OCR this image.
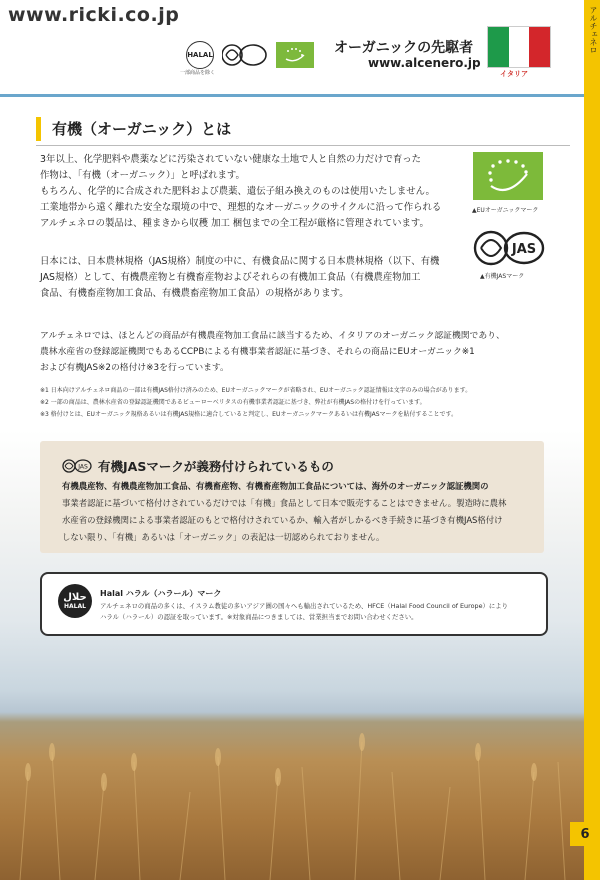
www.ricki.co.jp
HALAL
一部商品を除く
オーガニックの先駆者
www.alcenero.jp
イタリア
アルチェネロ
有機（オーガニック）とは

3年以上、化学肥料や農薬などに汚染されていない健康な土地で人と自然の力だけで育った

作物は、「有機（オーガニック）」と呼ばれます。

もちろん、化学的に合成された肥料および農薬、遺伝子組み換えのものは使用いたしません。

工業地帯から遠く離れた安全な環境の中で、理想的なオーガニックのサイクルに沿って作られる

アルチェネロの製品は、種まきから収穫 加工 梱包までの全工程が厳格に管理されています。

日本には、日本農林規格（JAS規格）制度の中に、有機食品に関する日本農林規格（以下、有機

JAS規格）として、有機農産物と有機畜産物およびそれらの有機加工食品（有機農産物加工

食品、有機畜産物加工食品、有機農畜産物加工食品）の規格があります。

アルチェネロでは、ほとんどの商品が有機農産物加工食品に該当するため、イタリアのオーガニック認証機関であり、

農林水産省の登録認証機関でもあるCCPBによる有機事業者認証に基づき、それらの商品にEUオーガニック※1

および有機JAS※2の格付け※3を行っています。

▲EUオーガニックマーク
JAS
▲有機JASマーク

※1 日本向けアルチェネロ商品の一部は有機JAS格付け済みのため、EUオーガニックマークが省略され、EUオーガニック認証情報は文字のみの場合があります。

※2 一部の商品は、農林水産省の登録認証機関であるビューローベリタスの有機事業者認証に基づき、弊社が有機JASの格付けを行っています。

※3 格付けとは、EUオーガニック規格あるいは有機JAS規格に適合していると判定し、EUオーガニックマークあるいは有機JASマークを貼付することです。

JAS 有機JASマークが義務付けられているもの

有機農産物、有機農産物加工食品、有機畜産物、有機畜産物加工食品については、海外のオーガニック認証機関の

事業者認証に基づいて格付けされているだけでは「有機」食品として日本で販売することはできません。製造時に農林

水産省の登録機関による事業者認証のもとで格付けされているか、輸入者がしかるべき手続きに基づき有機JAS格付け

しない限り、「有機」あるいは「オーガニック」の表記は一切認められておりません。

حلال
HALAL
Halal ハラル（ハラール）マーク

アルチェネロの商品の多くは、イスラム教徒の多いアジア圏の国々へも輸出されているため、HFCE（Halal Food Council of Europe）により

ハラル（ハラール）の認証を取っています。※対象商品につきましては、営業担当までお問い合わせください。

6
